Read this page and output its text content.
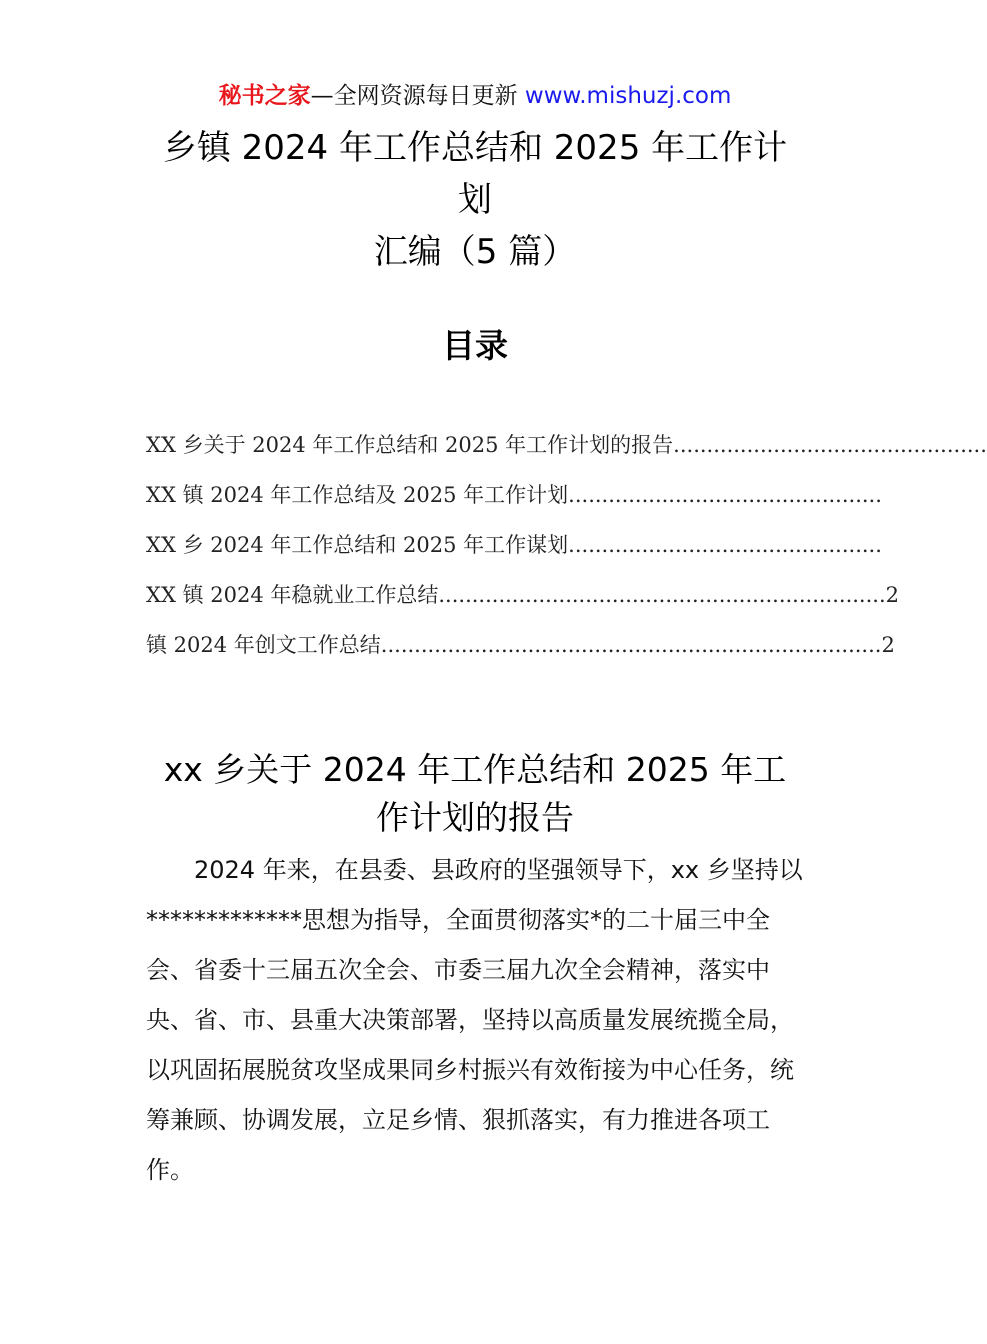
秘书之家—全网资源每日更新 www.mishuzj.com
乡镇 2024 年工作总结和 2025 年工作计
划
汇编（5 篇）
目录
XX 乡关于 2024 年工作总结和 2025 年工作计划的报告...............................................
XX 镇 2024 年工作总结及 2025 年工作计划...............................................
XX 乡 2024 年工作总结和 2025 年工作谋划...............................................
XX 镇 2024 年稳就业工作总结...................................................................2
镇 2024 年创文工作总结...........................................................................2
xx 乡关于 2024 年工作总结和 2025 年工
作计划的报告

2024 年来，在县委、县政府的坚强领导下，xx 乡坚持以*************思想为指导，全面贯彻落实*的二十届三中全会、省委十三届五次全会、市委三届九次全会精神，落实中央、省、市、县重大决策部署，坚持以高质量发展统揽全局，以巩固拓展脱贫攻坚成果同乡村振兴有效衔接为中心任务，统筹兼顾、协调发展，立足乡情、狠抓落实，有力推进各项工作。
